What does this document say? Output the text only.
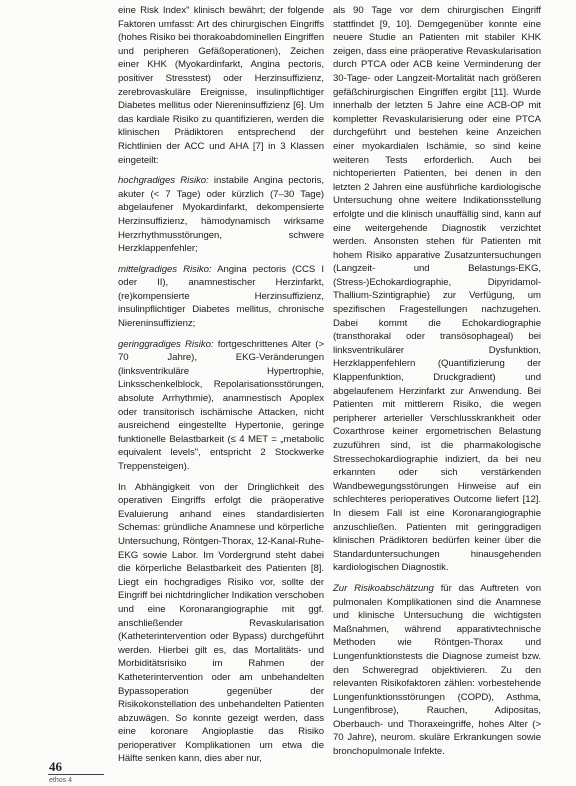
eine Risk Index" klinisch bewährt; der folgende Faktoren umfasst: Art des chirurgischen Eingriffs (hohes Risiko bei thorakoabdominellen Eingriffen und peripheren Gefäßoperationen), Zeichen einer KHK (Myokardinfarkt, Angina pectoris, positiver Stresstest) oder Herzinsuffizienz, zerebrovaskuläre Ereignisse, insulinpflichtiger Diabetes mellitus oder Niereninsuffizienz [6]. Um das kardiale Risiko zu quantifizieren, werden die klinischen Prädiktoren entsprechend der Richtlinien der ACC und AHA [7] in 3 Klassen eingeteilt:

hochgradiges Risiko: instabile Angina pectoris, akuter (< 7 Tage) oder kürzlich (7–30 Tage) abgelaufener Myokardinfarkt, dekompensierte Herzinsuffizienz, hämodynamisch wirksame Herzrhythmusstörungen, schwere Herzklappenfehler;

mittelgradiges Risiko: Angina pectoris (CCS I oder II), anamnestischer Herzinfarkt, (re)kompensierte Herzinsuffizienz, insulinpflichtiger Diabetes mellitus, chronische Niereninsuffizienz;

geringgradiges Risiko: fortgeschrittenes Alter (> 70 Jahre), EKG-Veränderungen (linksventrikuläre Hypertrophie, Linksschenkelblock, Repolarisationsstörungen, absolute Arrhythmie), anamnestisch Apoplex oder transitorisch ischämische Attacken, nicht ausreichend eingestellte Hypertonie, geringe funktionelle Belastbarkeit (≤ 4 MET = „metabolic equivalent levels", entspricht 2 Stockwerke Treppensteigen).

In Abhängigkeit von der Dringlichkeit des operativen Eingriffs erfolgt die präoperative Evaluierung anhand eines standardisierten Schemas: gründliche Anamnese und körperliche Untersuchung, Röntgen-Thorax, 12-Kanal-Ruhe-EKG sowie Labor. Im Vordergrund steht dabei die körperliche Belastbarkeit des Patienten [8]. Liegt ein hochgradiges Risiko vor, sollte der Eingriff bei nichtdringlicher Indikation verschoben und eine Koronarangiographie mit ggf. anschließender Revaskularisation (Katheterintervention oder Bypass) durchgeführt werden. Hierbei gilt es, das Mortalitäts- und Morbiditätsrisiko im Rahmen der Katheterintervention oder am unbehandelten Bypassoperation gegenüber der Risikokonstellation des unbehandelten Patienten abzuwägen. So konnte gezeigt werden, dass eine koronare Angioplastie das Risiko perioperativer Komplikationen um etwa die Hälfte senken kann, dies aber nur,

als 90 Tage vor dem chirurgischen Eingriff stattfindet [9, 10]. Demgegenüber konnte eine neuere Studie an Patienten mit stabiler KHK zeigen, dass eine präoperative Revaskularisation durch PTCA oder ACB keine Verminderung der 30-Tage- oder Langzeit-Mortalität nach größeren gefäßchirurgischen Eingriffen ergibt [11]. Wurde innerhalb der letzten 5 Jahre eine ACB-OP mit kompletter Revaskularisierung oder eine PTCA durchgeführt und bestehen keine Anzeichen einer myokardialen Ischämie, so sind keine weiteren Tests erforderlich. Auch bei nichtoperierten Patienten, bei denen in den letzten 2 Jahren eine ausführliche kardiologische Untersuchung ohne weitere Indikationsstellung erfolgte und die klinisch unauffällig sind, kann auf eine weitergehende Diagnostik verzichtet werden. Ansonsten stehen für Patienten mit hohem Risiko apparative Zusatzuntersuchungen (Langzeit- und Belastungs-EKG, (Stress-)Echokardiographie, Dipyridamol-Thallium-Szintigraphie) zur Verfügung, um spezifischen Fragestellungen nachzugehen. Dabei kommt die Echokardiographie (transthorakal oder transösophageal) bei linksventrikulärer Dysfunktion, Herzklappenfehlern (Quantifizierung der Klappenfunktion, Druckgradient) und abgelaufenem Herzinfarkt zur Anwendung. Bei Patienten mit mittlerem Risiko, die wegen peripherer arterieller Verschlusskrankheit oder Coxarthrose keiner ergometrischen Belastung zuzuführen sind, ist die pharmakologische Stressechokardiographie indiziert, da bei neu erkannten oder sich verstärkenden Wandbewegungsstörungen Hinweise auf ein schlechteres perioperatives Outcome liefert [12]. In diesem Fall ist eine Koronarangiographie anzuschließen. Patienten mit geringgradigen klinischen Prädiktoren bedürfen keiner über die Standarduntersuchungen hinausgehenden kardiologischen Diagnostik.

Zur Risikoabschätzung für das Auftreten von pulmonalen Komplikationen sind die Anamnese und klinische Untersuchung die wichtigsten Maßnahmen, während apparativtechnische Methoden wie Röntgen-Thorax und Lungenfunktionstests die Diagnose zumeist bzw. den Schweregrad objektivieren. Zu den relevanten Risikofaktoren zählen: vorbestehende Lungenfunktionsstörungen (COPD), Asthma, Lungenfibrose), Rauchen, Adipositas, Oberbauch- und Thoraxeingriffe, hohes Alter (> 70 Jahre), neurom. skuläre Erkrankungen sowie bronchopulmonale Infekte.

46
ethos 4
